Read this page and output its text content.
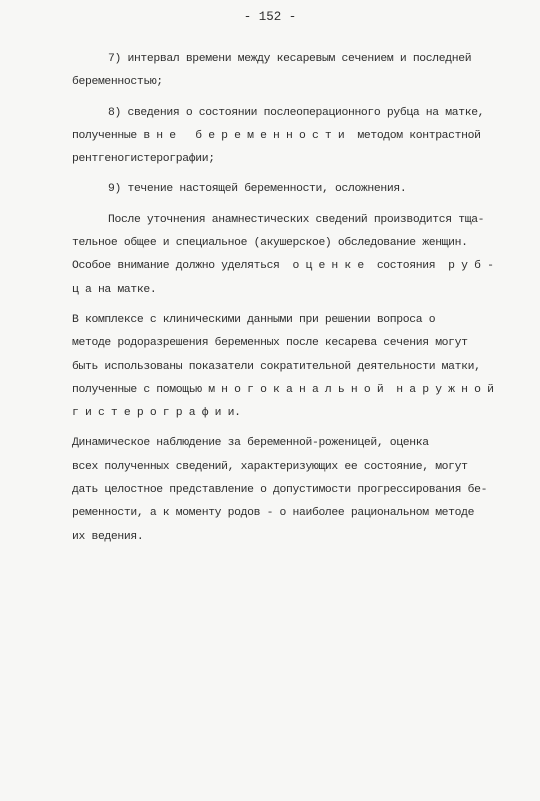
- 152 -
7) интервал времени между кесаревым сечением и последней
беременностью;
8) сведения о состоянии послеоперационного рубца на матке,
полученные в н е   б е р е м е н н о с т и  методом контрастной
рентгеногистерографии;
9) течение настоящей беременности, осложнения.
После уточнения анамнестических сведений производится тща-
тельное общее и специальное (акушерское) обследование женщин.
Особое внимание должно уделяться  о ц е н к е  состояния  р у б -
ц а на матке.
В комплексе с клиническими данными при решении вопроса о
методе родоразрешения беременных после кесарева сечения могут
быть использованы показатели сократительной деятельности матки,
полученные с помощью м н о г о к а н а л ь н о й  н а р у ж н о й
г и с т е р о г р а ф и и.
Динамическое наблюдение за беременной-роженицей, оценка
всех полученных сведений, характеризующих ее состояние, могут
дать целостное представление о допустимости прогрессирования бе-
ременности, а к моменту родов - о наиболее рациональном методе
их ведения.
